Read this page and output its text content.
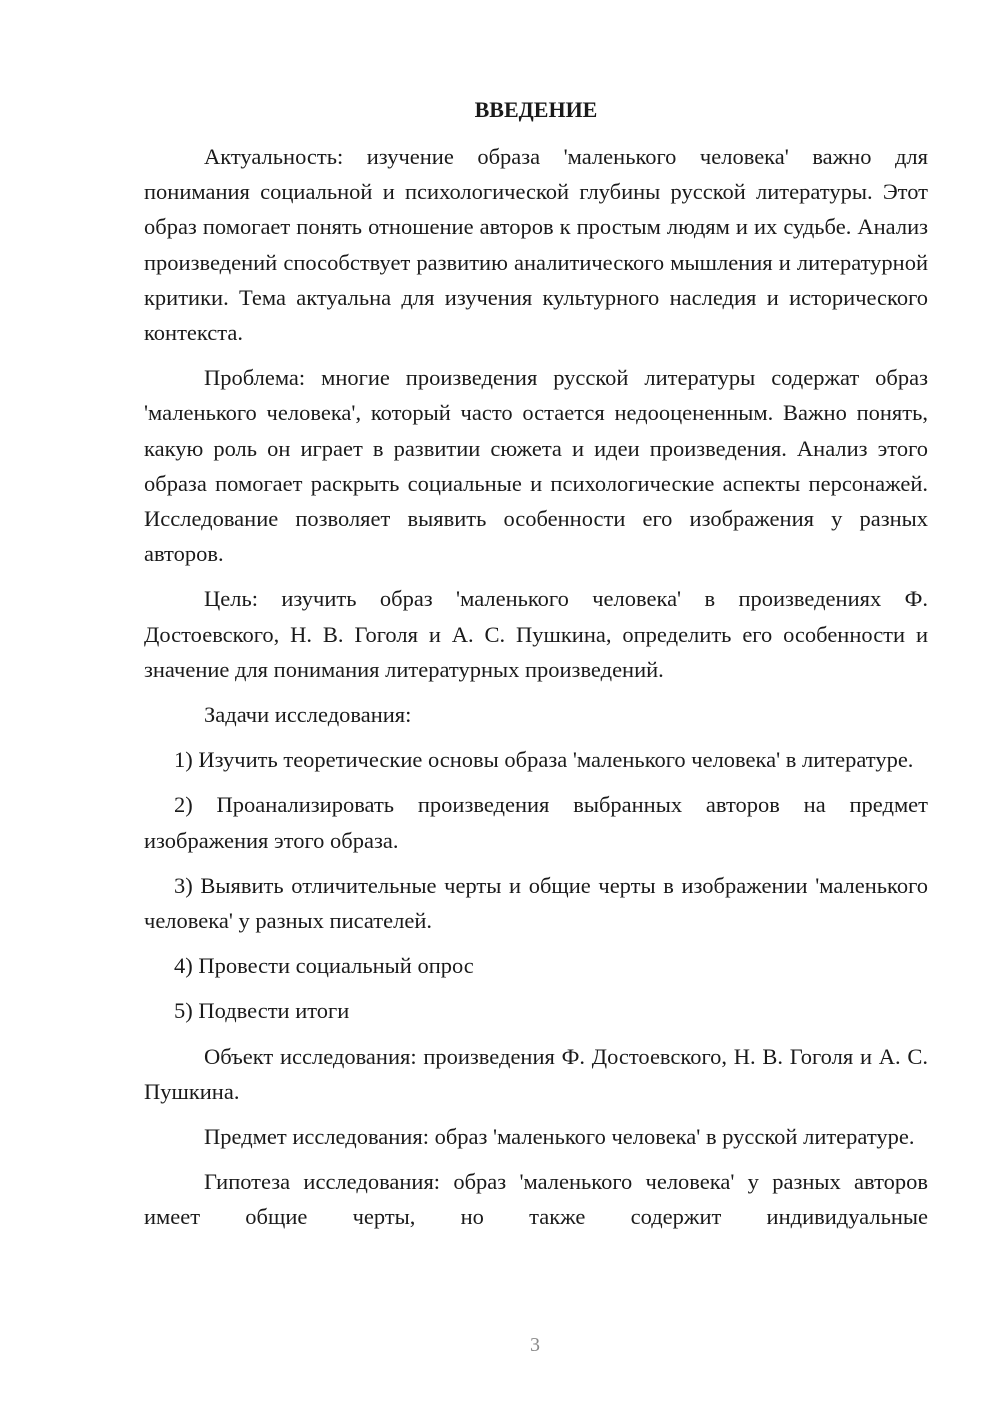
ВВЕДЕНИЕ

Актуальность: изучение образа 'маленького человека' важно для понимания социальной и психологической глубины русской литературы. Этот образ помогает понять отношение авторов к простым людям и их судьбе. Анализ произведений способствует развитию аналитического мышления и литературной критики. Тема актуальна для изучения культурного наследия и исторического контекста.

Проблема: многие произведения русской литературы содержат образ 'маленького человека', который часто остается недооцененным. Важно понять, какую роль он играет в развитии сюжета и идеи произведения. Анализ этого образа помогает раскрыть социальные и психологические аспекты персонажей. Исследование позволяет выявить особенности его изображения у разных авторов.

Цель: изучить образ 'маленького человека' в произведениях Ф. Достоевского, Н. В. Гоголя и А. С. Пушкина, определить его особенности и значение для понимания литературных произведений.

Задачи исследования:

1) Изучить теоретические основы образа 'маленького человека' в литературе.

2) Проанализировать произведения выбранных авторов на предмет изображения этого образа.

3) Выявить отличительные черты и общие черты в изображении 'маленького человека' у разных писателей.

4) Провести социальный опрос

5) Подвести итоги

Объект исследования: произведения Ф. Достоевского, Н. В. Гоголя и А. С. Пушкина.

Предмет исследования: образ 'маленького человека' в русской литературе.

Гипотеза исследования: образ 'маленького человека' у разных авторов имеет общие черты, но также содержит индивидуальные

3
